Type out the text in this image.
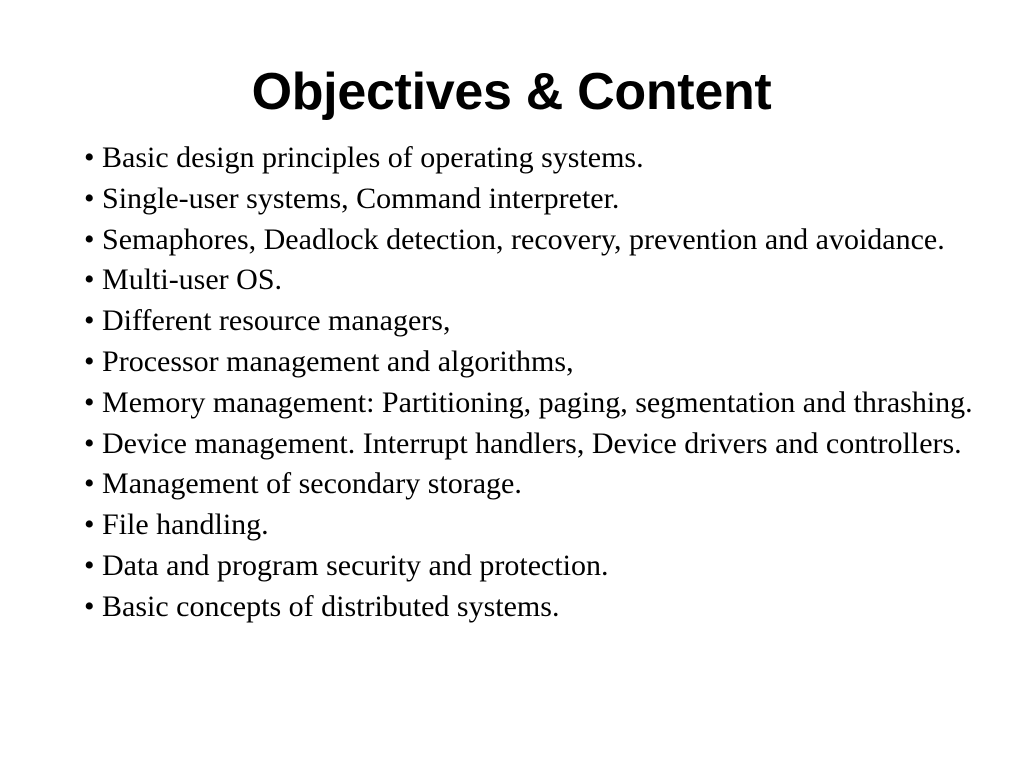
Objectives & Content
• Basic design principles of operating systems.
• Single-user systems, Command interpreter.
• Semaphores, Deadlock detection, recovery, prevention and avoidance.
• Multi-user OS.
• Different resource managers,
• Processor management and algorithms,
• Memory management: Partitioning, paging, segmentation and thrashing.
• Device management. Interrupt handlers, Device drivers and controllers.
• Management of secondary storage.
• File handling.
• Data and program security and protection.
• Basic concepts of distributed systems.
